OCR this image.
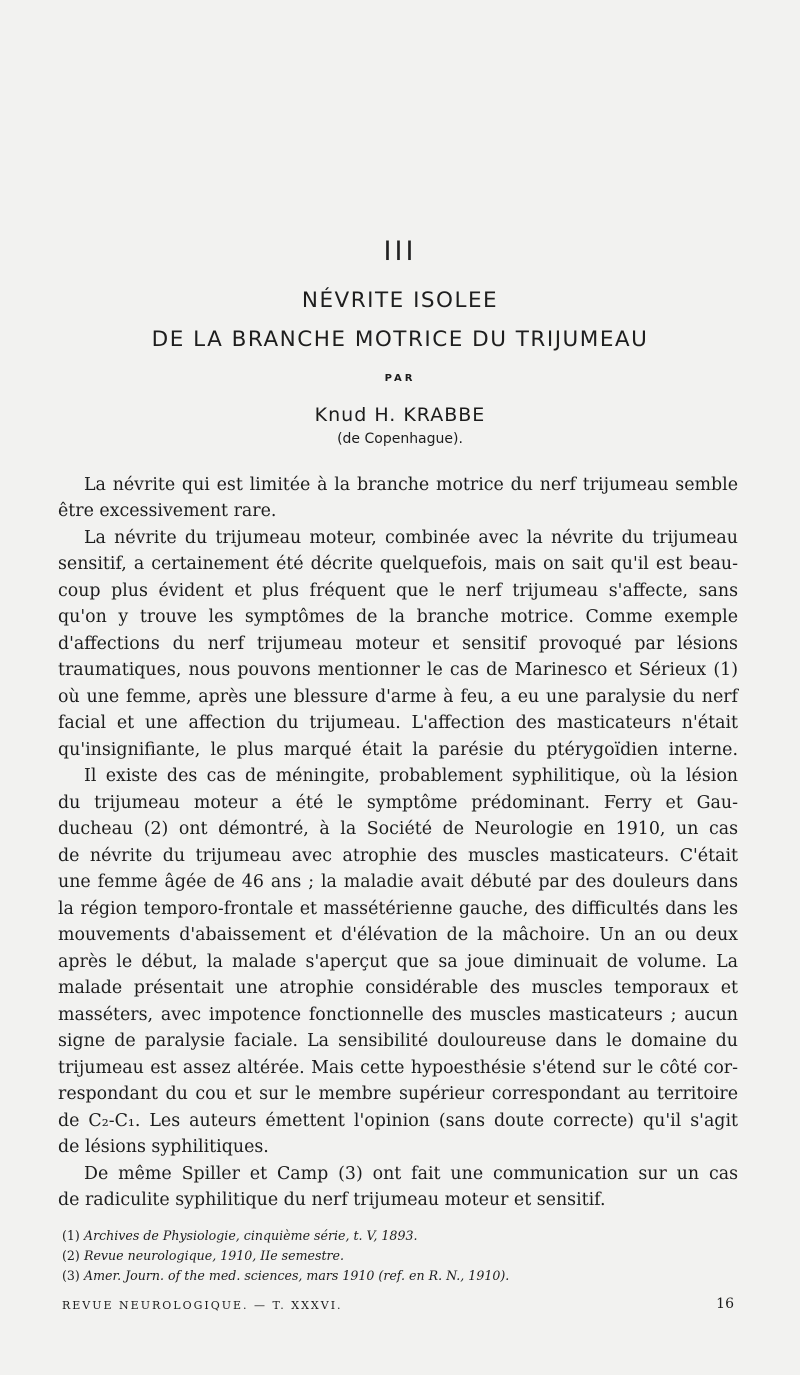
III
NÉVRITE ISOLEE
DE LA BRANCHE MOTRICE DU TRIJUMEAU
PAR
Knud H. KRABBE
(de Copenhague).
La névrite qui est limitée à la branche motrice du nerf trijumeau semble
être excessivement rare.
La névrite du trijumeau moteur, combinée avec la névrite du trijumeau
sensitif, a certainement été décrite quelquefois, mais on sait qu'il est beau-
coup plus évident et plus fréquent que le nerf trijumeau s'affecte, sans
qu'on y trouve les symptômes de la branche motrice. Comme exemple
d'affections du nerf trijumeau moteur et sensitif provoqué par lésions
traumatiques, nous pouvons mentionner le cas de Marinesco et Sérieux (1)
où une femme, après une blessure d'arme à feu, a eu une paralysie du nerf
facial et une affection du trijumeau. L'affection des masticateurs n'était
qu'insignifiante, le plus marqué était la parésie du ptérygoïdien interne.
Il existe des cas de méningite, probablement syphilitique, où la lésion
du trijumeau moteur a été le symptôme prédominant. Ferry et Gau-
ducheau (2) ont démontré, à la Société de Neurologie en 1910, un cas
de névrite du trijumeau avec atrophie des muscles masticateurs. C'était
une femme âgée de 46 ans ; la maladie avait débuté par des douleurs dans
la région temporo-frontale et massétérienne gauche, des difficultés dans les
mouvements d'abaissement et d'élévation de la mâchoire. Un an ou deux
après le début, la malade s'aperçut que sa joue diminuait de volume. La
malade présentait une atrophie considérable des muscles temporaux et
masséters, avec impotence fonctionnelle des muscles masticateurs ; aucun
signe de paralysie faciale. La sensibilité douloureuse dans le domaine du
trijumeau est assez altérée. Mais cette hypoesthésie s'étend sur le côté cor-
respondant du cou et sur le membre supérieur correspondant au territoire
de C₂-C₁. Les auteurs émettent l'opinion (sans doute correcte) qu'il s'agit
de lésions syphilitiques.
De même Spiller et Camp (3) ont fait une communication sur un cas
de radiculite syphilitique du nerf trijumeau moteur et sensitif.
(1) Archives de Physiologie, cinquième série, t. V, 1893.
(2) Revue neurologique, 1910, IIe semestre.
(3) Amer. Journ. of the med. sciences, mars 1910 (ref. en R. N., 1910).
REVUE NEUROLOGIQUE. — T. XXXVI.	16
